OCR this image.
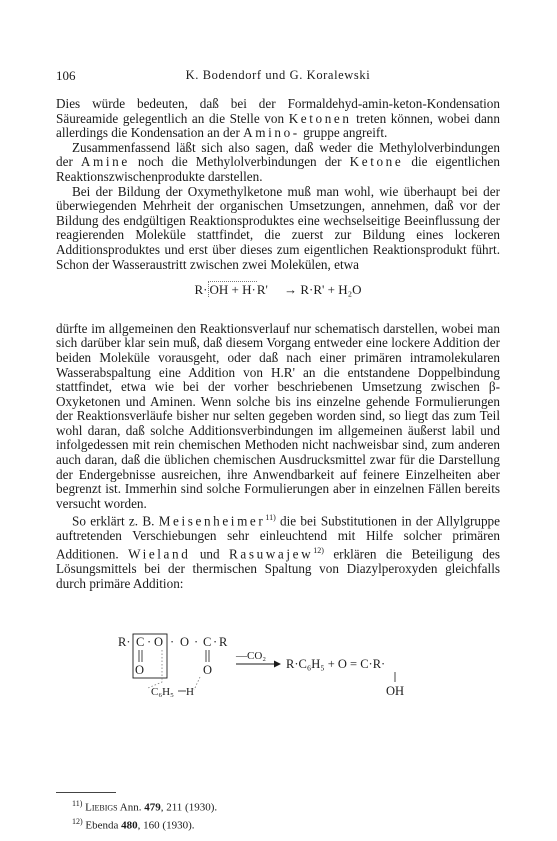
106	K. Bodendorf und G. Koralewski

Dies würde bedeuten, daß bei der Formaldehyd-amin-keton-Kondensation Säureamide gelegentlich an die Stelle von Ketonen treten können, wobei dann allerdings die Kondensation an der Amino- gruppe angreift.

Zusammenfassend läßt sich also sagen, daß weder die Methylolverbindungen der Amine noch die Methylolverbindungen der Ketone die eigentlichen Reaktionszwischenprodukte darstellen.

Bei der Bildung der Oxymethylketone muß man wohl, wie überhaupt bei der überwiegenden Mehrheit der organischen Umsetzungen, annehmen, daß vor der Bildung des endgültigen Reaktionsproduktes eine wechselseitige Beeinflussung der reagierenden Moleküle stattfindet, die zuerst zur Bildung eines lockeren Additionsproduktes und erst über dieses zum eigentlichen Reaktionsprodukt führt. Schon der Wasseraustritt zwischen zwei Molekülen, etwa

R· OH + H·R' → R·R' + H₂O

dürfte im allgemeinen den Reaktionsverlauf nur schematisch darstellen, wobei man sich darüber klar sein muß, daß diesem Vorgang entweder eine lockere Addition der beiden Moleküle vorausgeht, oder daß nach einer primären intramolekularen Wasserabspaltung eine Addition von H.R' an die entstandene Doppelbindung stattfindet, etwa wie bei der vorher beschriebenen Umsetzung zwischen β-Oxyketonen und Aminen. Wenn solche bis ins einzelne gehende Formulierungen der Reaktionsverläufe bisher nur selten gegeben worden sind, so liegt das zum Teil wohl daran, daß solche Additionsverbindungen im allgemeinen äußerst labil und infolgedessen mit rein chemischen Methoden nicht nachweisbar sind, zum anderen auch daran, daß die üblichen chemischen Ausdrucksmittel zwar für die Darstellung der Endergebnisse ausreichen, ihre Anwendbarkeit auf feinere Einzelheiten aber begrenzt ist. Immerhin sind solche Formulierungen aber in einzelnen Fällen bereits versucht worden.

So erklärt z. B. Meisenheimer$^{11)}$ die bei Substitutionen in der Allylgruppe auftretenden Verschiebungen sehr einleuchtend mit Hilfe solcher primären Additionen. Wieland und Rasuwajew$^{12)}$ erklären die Beteiligung des Lösungsmittels bei der thermischen Spaltung von Diazylperoxyden gleichfalls durch primäre Addition:

R· C · O · O · C · R
O	O
C₆H₅ H
—CO₂
R·C₆H₅ + O = C·R·
OH
$^{11)}$ Liebigs Ann. 479, 211 (1930).
$^{12)}$ Ebenda 480, 160 (1930).
